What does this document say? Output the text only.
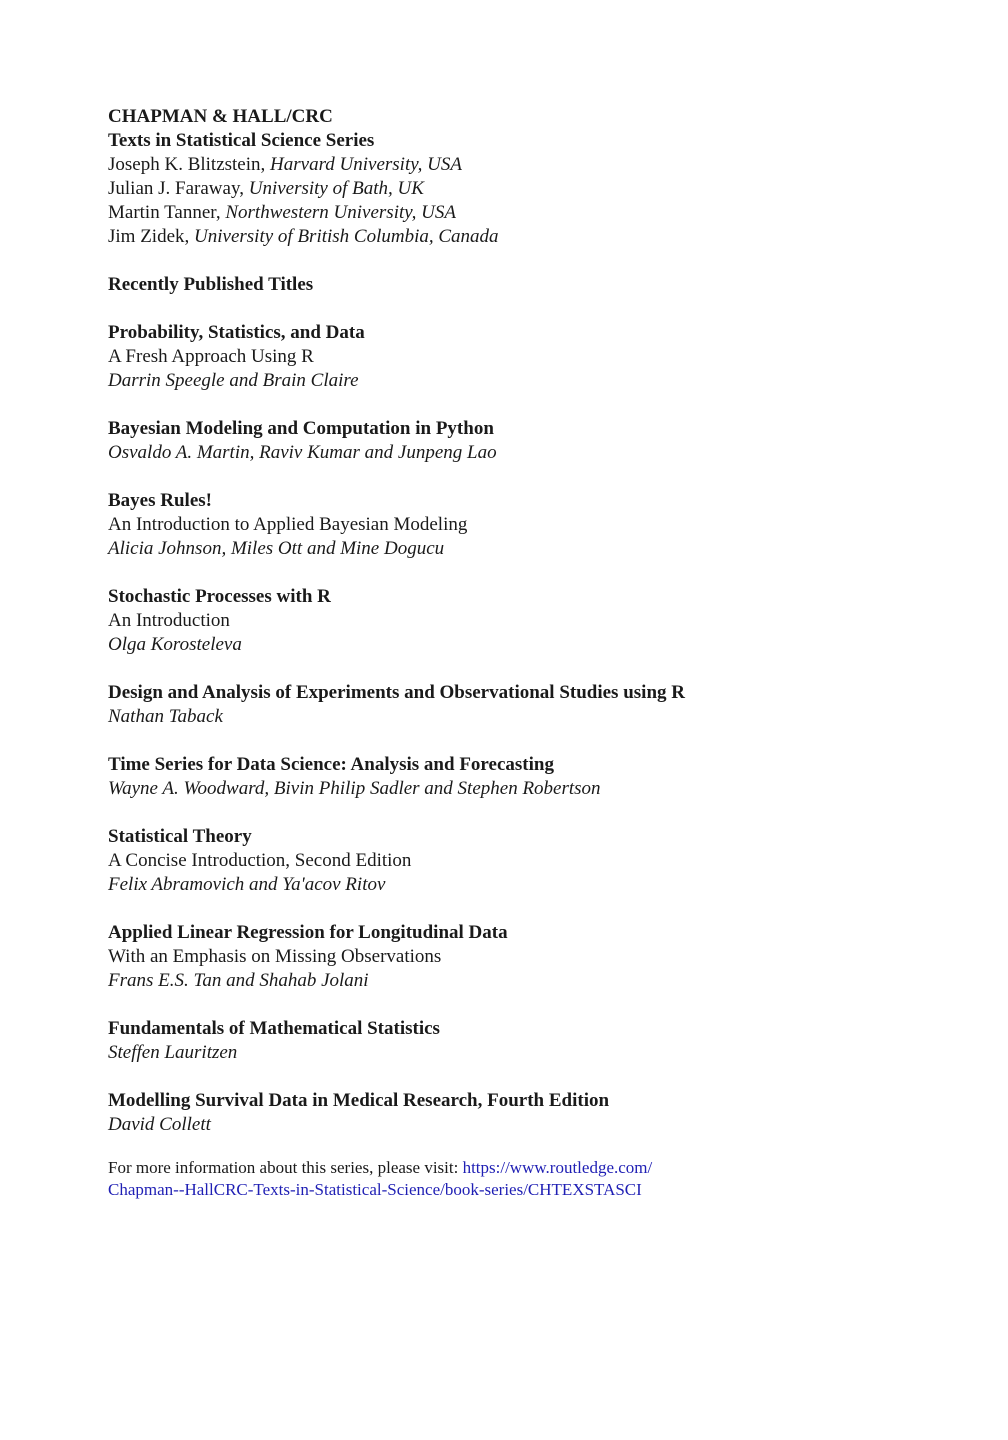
CHAPMAN & HALL/CRC
Texts in Statistical Science Series
Joseph K. Blitzstein, Harvard University, USA
Julian J. Faraway, University of Bath, UK
Martin Tanner, Northwestern University, USA
Jim Zidek, University of British Columbia, Canada
Recently Published Titles
Probability, Statistics, and Data
A Fresh Approach Using R
Darrin Speegle and Brain Claire
Bayesian Modeling and Computation in Python
Osvaldo A. Martin, Raviv Kumar and Junpeng Lao
Bayes Rules!
An Introduction to Applied Bayesian Modeling
Alicia Johnson, Miles Ott and Mine Dogucu
Stochastic Processes with R
An Introduction
Olga Korosteleva
Design and Analysis of Experiments and Observational Studies using R
Nathan Taback
Time Series for Data Science: Analysis and Forecasting
Wayne A. Woodward, Bivin Philip Sadler and Stephen Robertson
Statistical Theory
A Concise Introduction, Second Edition
Felix Abramovich and Ya'acov Ritov
Applied Linear Regression for Longitudinal Data
With an Emphasis on Missing Observations
Frans E.S. Tan and Shahab Jolani
Fundamentals of Mathematical Statistics
Steffen Lauritzen
Modelling Survival Data in Medical Research, Fourth Edition
David Collett
For more information about this series, please visit: https://www.routledge.com/
Chapman--HallCRC-Texts-in-Statistical-Science/book-series/CHTEXSTASCI
